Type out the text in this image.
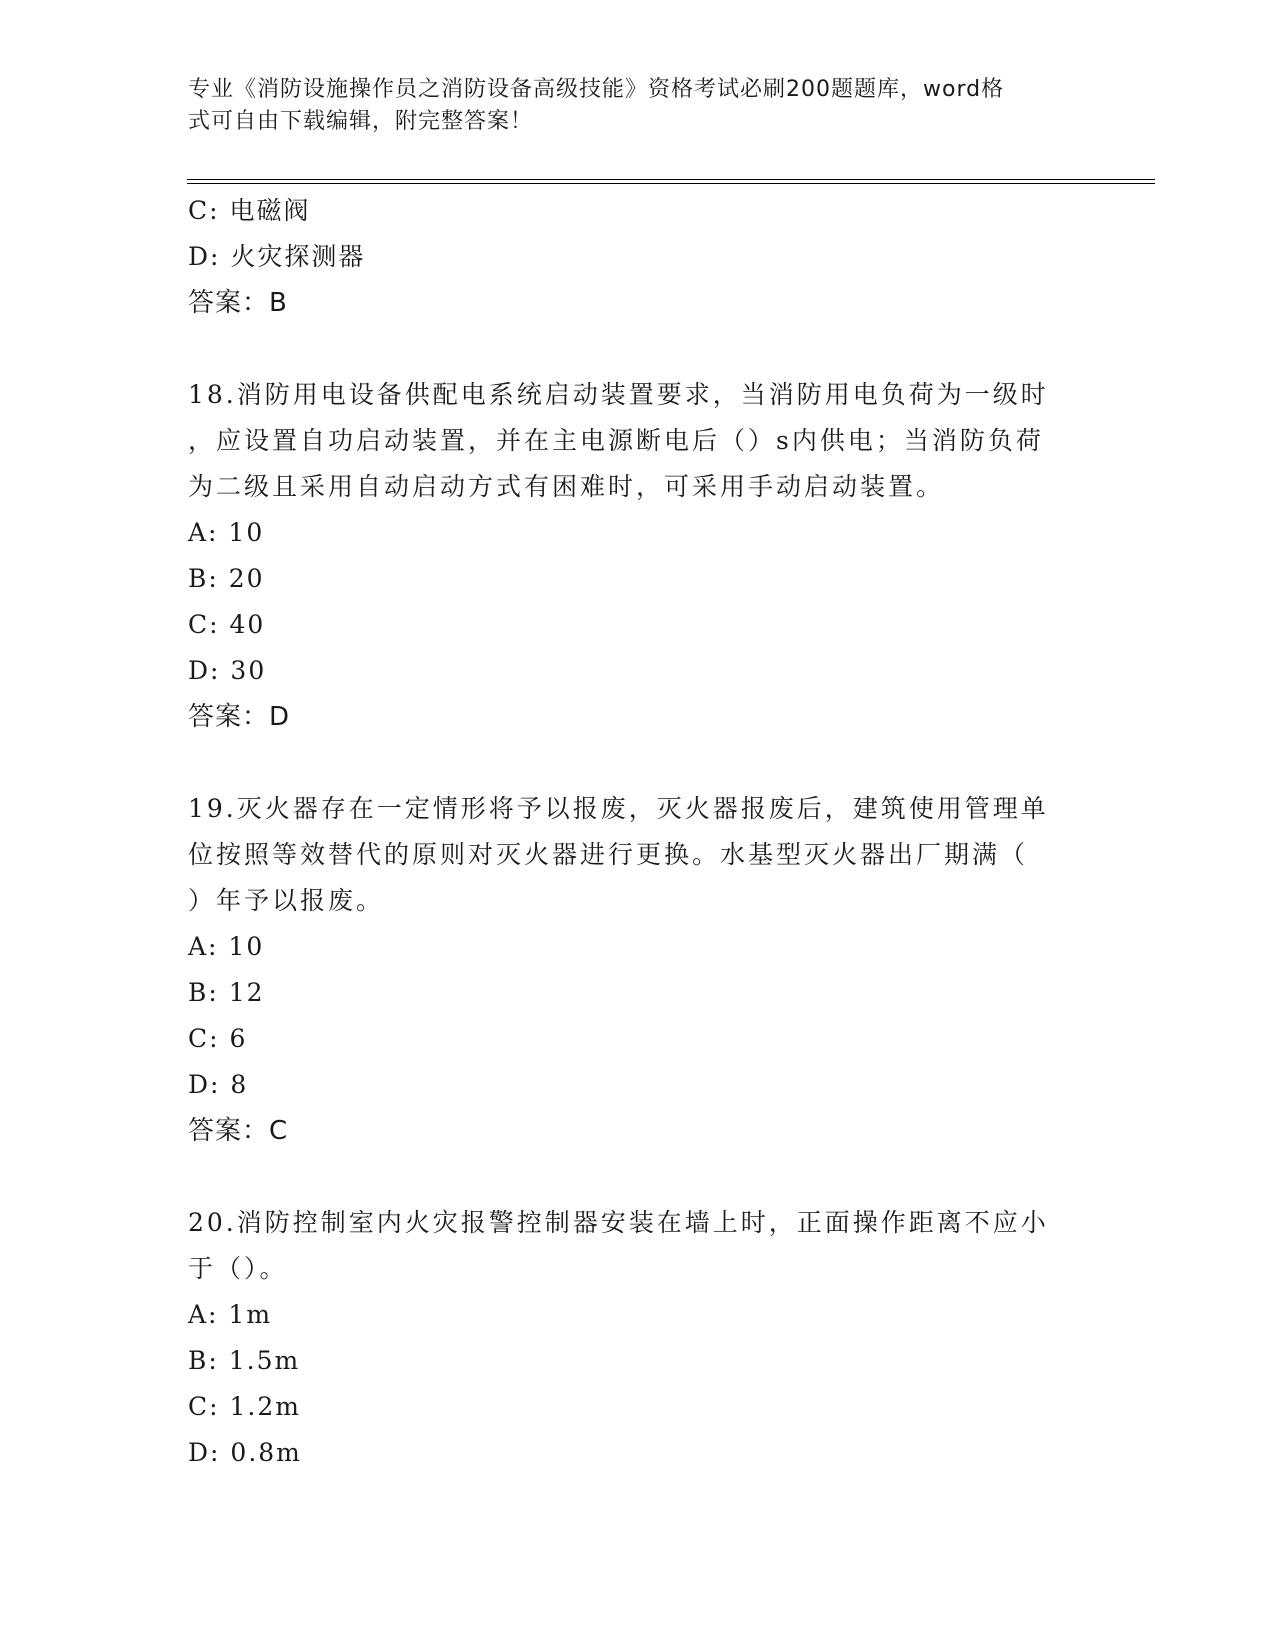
专业《消防设施操作员之消防设备高级技能》资格考试必刷200题题库，word格
式可自由下载编辑，附完整答案！
C: 电磁阀
D: 火灾探测器
答案：B
18.消防用电设备供配电系统启动装置要求，当消防用电负荷为一级时
，应设置自功启动装置，并在主电源断电后（）s内供电；当消防负荷
为二级且采用自动启动方式有困难时，可采用手动启动装置。
A: 10
B: 20
C: 40
D: 30
答案：D
19.灭火器存在一定情形将予以报废，灭火器报废后，建筑使用管理单
位按照等效替代的原则对灭火器进行更换。水基型灭火器出厂期满（
）年予以报废。
A: 10
B: 12
C: 6
D: 8
答案：C
20.消防控制室内火灾报警控制器安装在墙上时，正面操作距离不应小
于（）。
A: 1m
B: 1.5m
C: 1.2m
D: 0.8m
